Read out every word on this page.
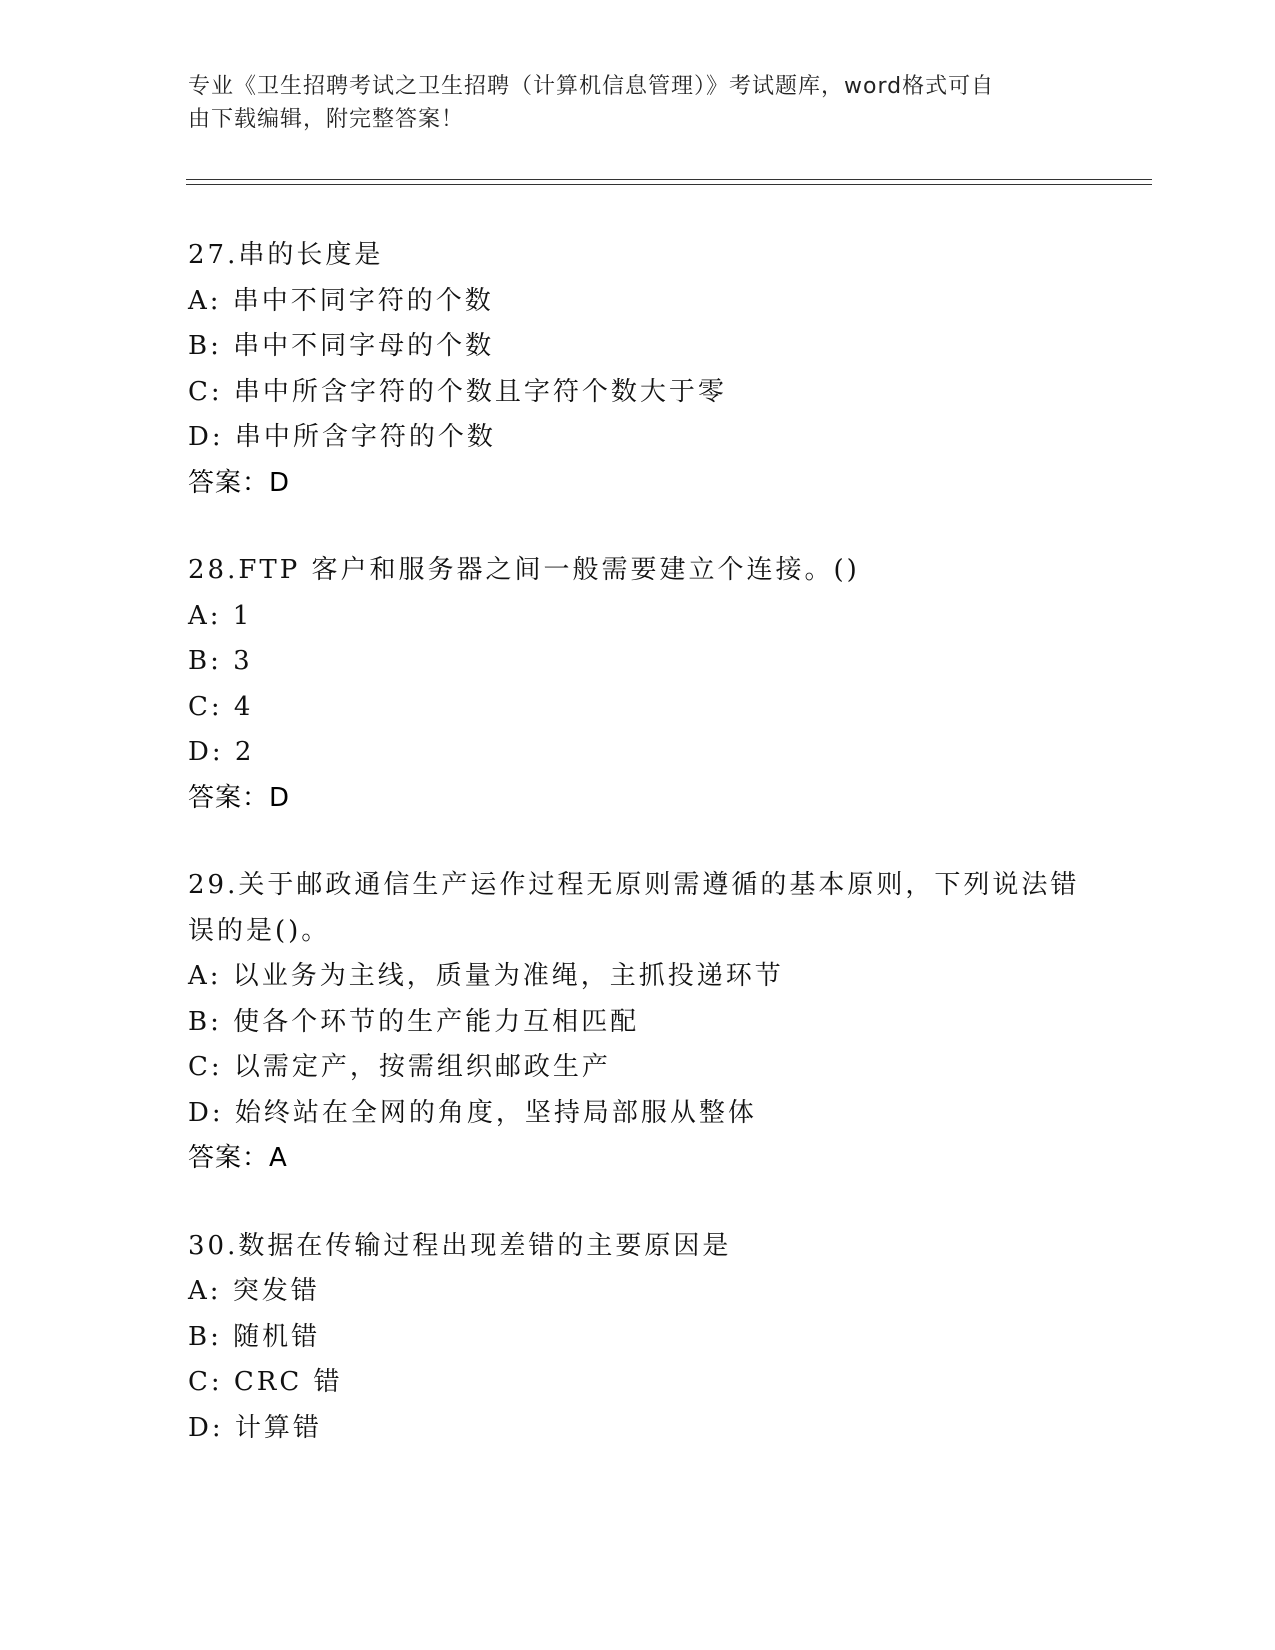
专业《卫生招聘考试之卫生招聘（计算机信息管理）》考试题库，word格式可自
由下载编辑，附完整答案！
27.串的长度是
A: 串中不同字符的个数
B: 串中不同字母的个数
C: 串中所含字符的个数且字符个数大于零
D: 串中所含字符的个数
答案：D
28.FTP 客户和服务器之间一般需要建立个连接。()
A: 1
B: 3
C: 4
D: 2
答案：D
29.关于邮政通信生产运作过程无原则需遵循的基本原则，下列说法错
误的是()。
A: 以业务为主线，质量为准绳，主抓投递环节
B: 使各个环节的生产能力互相匹配
C: 以需定产，按需组织邮政生产
D: 始终站在全网的角度，坚持局部服从整体
答案：A
30.数据在传输过程出现差错的主要原因是
A: 突发错
B: 随机错
C: CRC 错
D: 计算错
